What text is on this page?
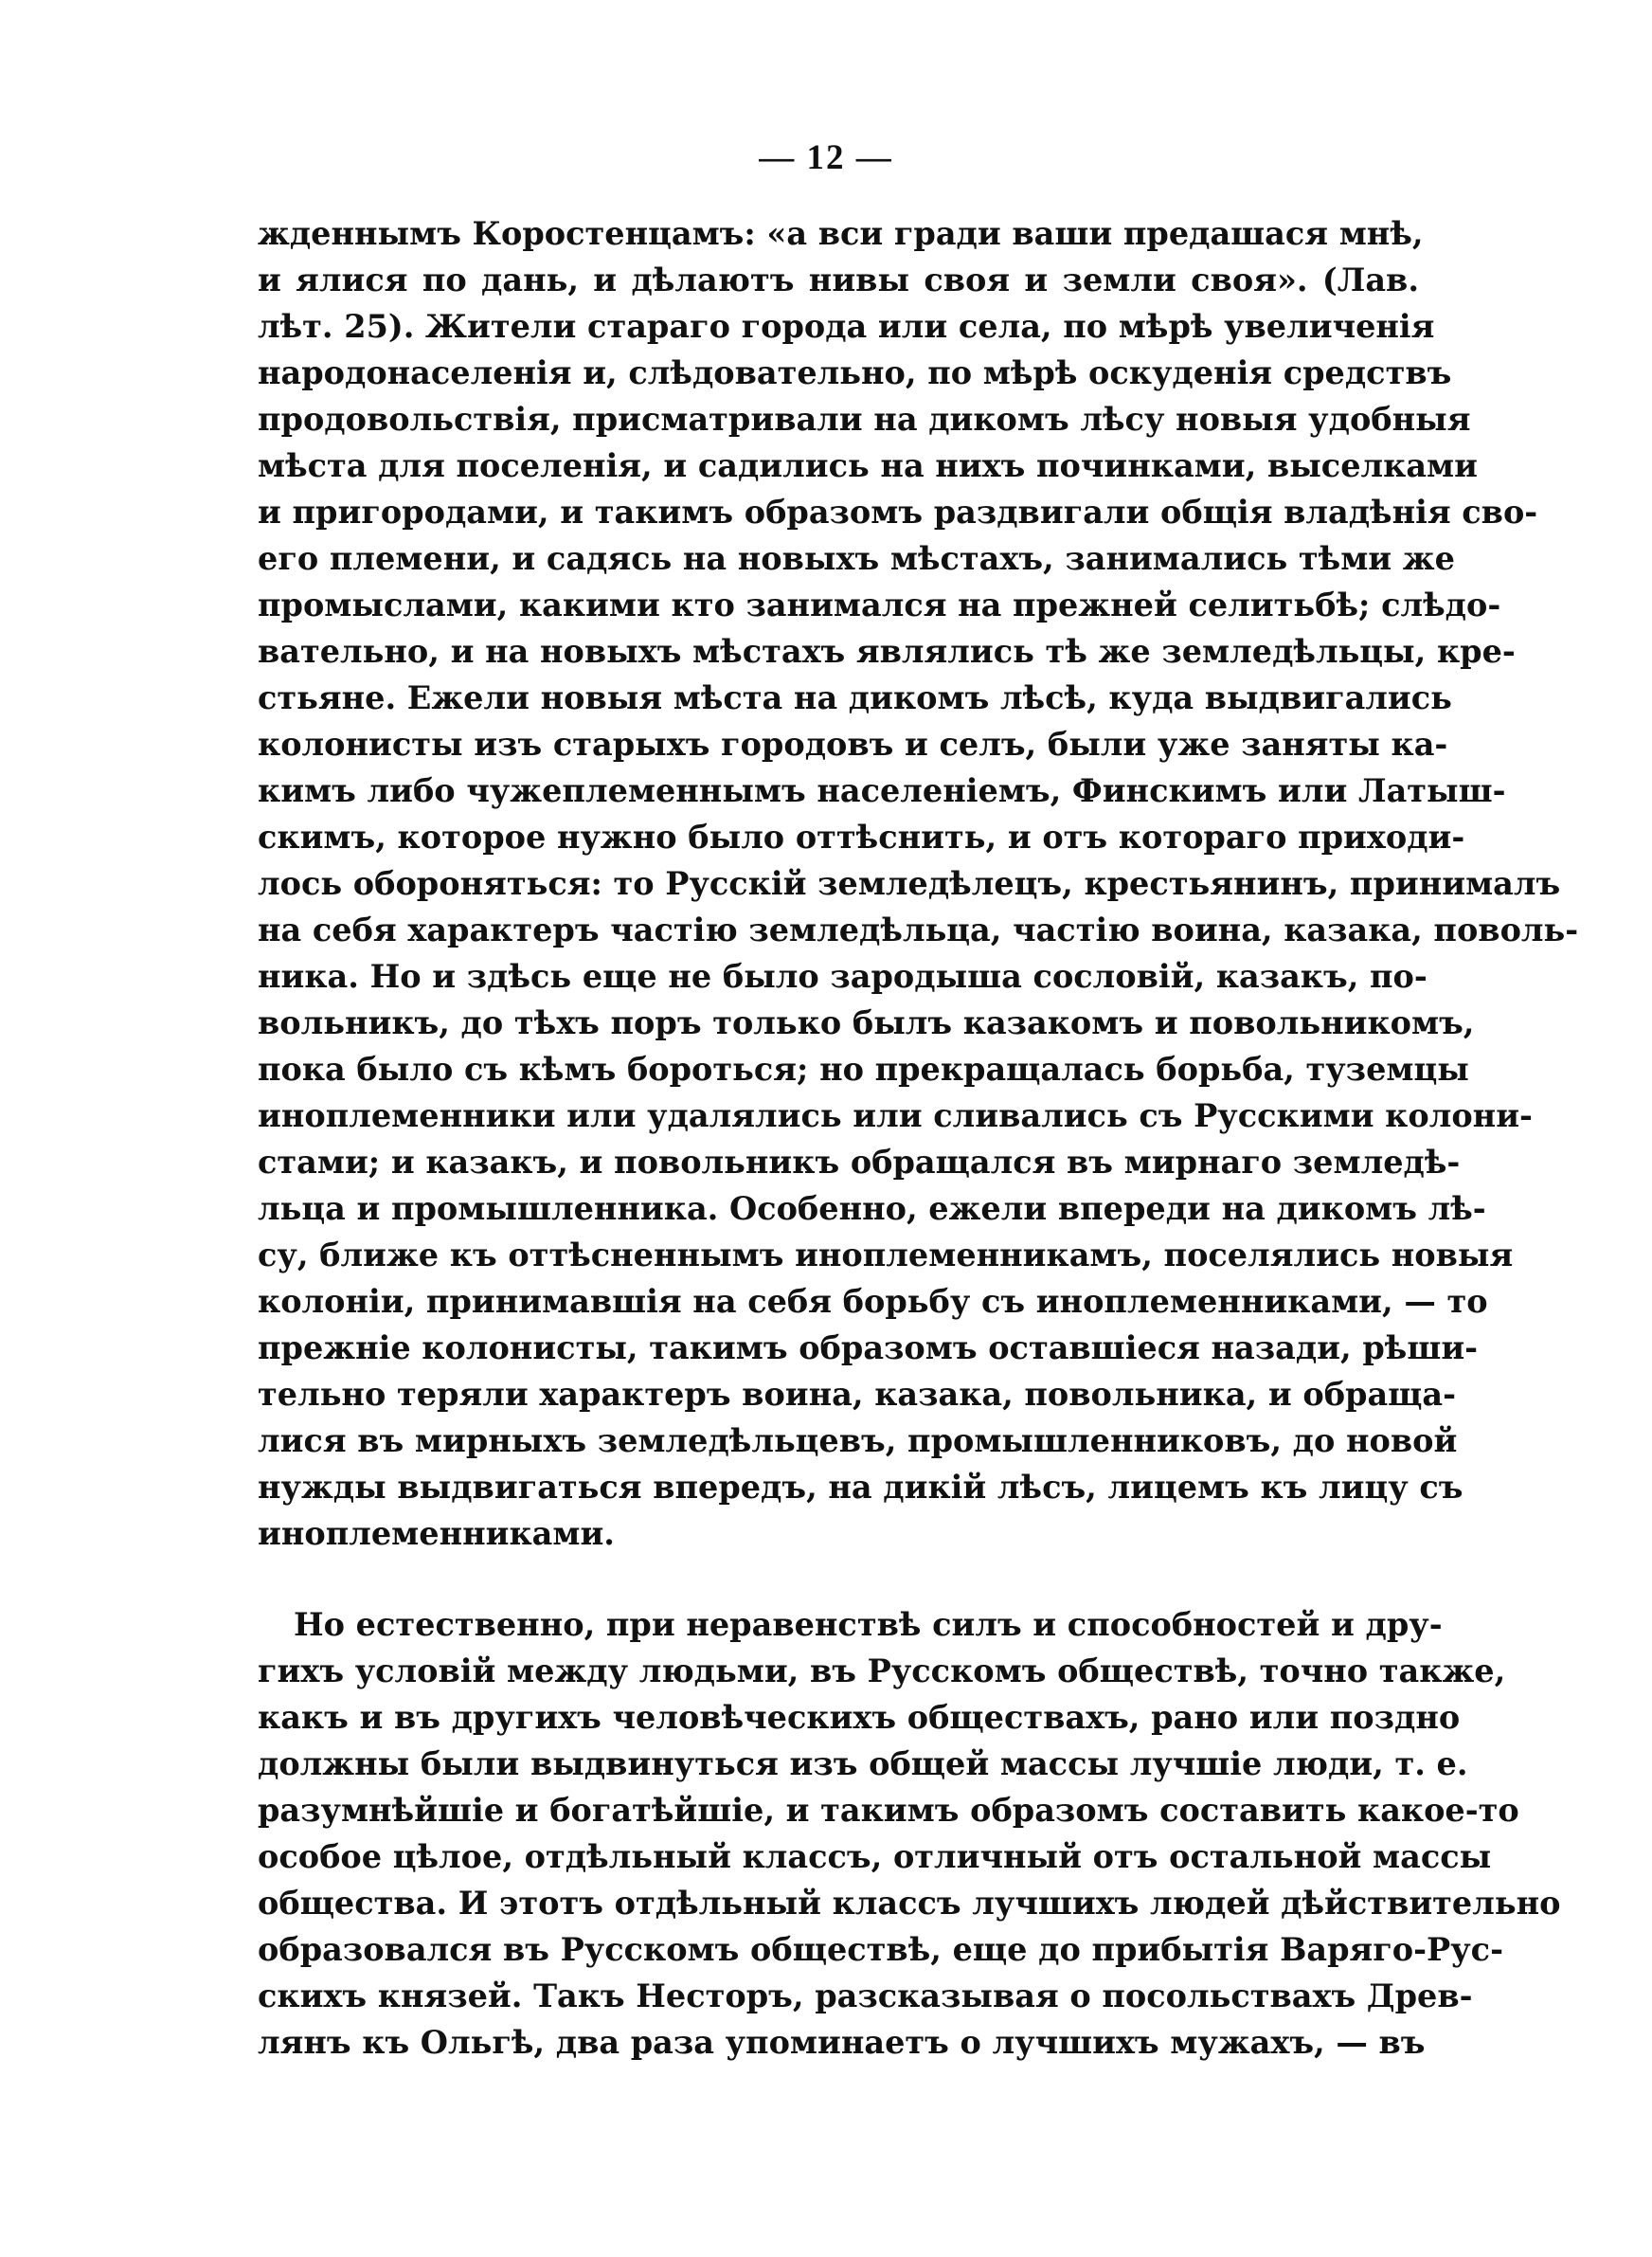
— 12 —
жденнымъ Коростенцамъ: «а вси гради ваши предашася мнѣ,
и ялися по дань, и дѣлаютъ нивы своя и земли своя». (Лав.
лѣт. 25). Жители стараго города или села, по мѣрѣ увеличенія
народонаселенія и, слѣдовательно, по мѣрѣ оскуденія средствъ
продовольствія, присматривали на дикомъ лѣсу новыя удобныя
мѣста для поселенія, и садились на нихъ починками, выселками
и пригородами, и такимъ образомъ раздвигали общія владѣнія сво-
его племени, и садясь на новыхъ мѣстахъ, занимались тѣми же
промыслами, какими кто занимался на прежней селитьбѣ; слѣдо-
вательно, и на новыхъ мѣстахъ являлись тѣ же земледѣльцы, кре-
стьяне. Ежели новыя мѣста на дикомъ лѣсѣ, куда выдвигались
колонисты изъ старыхъ городовъ и селъ, были уже заняты ка-
кимъ либо чужеплеменнымъ населеніемъ, Финскимъ или Латыш-
скимъ, которое нужно было оттѣснить, и отъ котораго приходи-
лось обороняться: то Русскій земледѣлецъ, крестьянинъ, принималъ
на себя характеръ частію земледѣльца, частію воина, казака, поволь-
ника. Но и здѣсь еще не было зародыша сословій, казакъ, по-
вольникъ, до тѣхъ поръ только былъ казакомъ и повольникомъ,
пока было съ кѣмъ бороться; но прекращалась борьба, туземцы
иноплеменники или удалялись или сливались съ Русскими колони-
стами; и казакъ, и повольникъ обращался въ мирнаго земледѣ-
льца и промышленника. Особенно, ежели впереди на дикомъ лѣ-
су, ближе къ оттѣсненнымъ иноплеменникамъ, поселялись новыя
колоніи, принимавшія на себя борьбу съ иноплеменниками, — то
прежніе колонисты, такимъ образомъ оставшіеся назади, рѣши-
тельно теряли характеръ воина, казака, повольника, и обраща-
лися въ мирныхъ земледѣльцевъ, промышленниковъ, до новой
нужды выдвигаться впередъ, на дикій лѣсъ, лицемъ къ лицу съ
иноплеменниками.
Но естественно, при неравенствѣ силъ и способностей и дру-
гихъ условій между людьми, въ Русскомъ обществѣ, точно также,
какъ и въ другихъ человѣческихъ обществахъ, рано или поздно
должны были выдвинуться изъ общей массы лучшіе люди, т. е.
разумнѣйшіе и богатѣйшіе, и такимъ образомъ составить какое-то
особое цѣлое, отдѣльный классъ, отличный отъ остальной массы
общества. И этотъ отдѣльный классъ лучшихъ людей дѣйствительно
образовался въ Русскомъ обществѣ, еще до прибытія Варяго-Рус-
скихъ князей. Такъ Несторъ, разсказывая о посольствахъ Древ-
лянъ къ Ольгѣ, два раза упоминаетъ о лучшихъ мужахъ, — въ
